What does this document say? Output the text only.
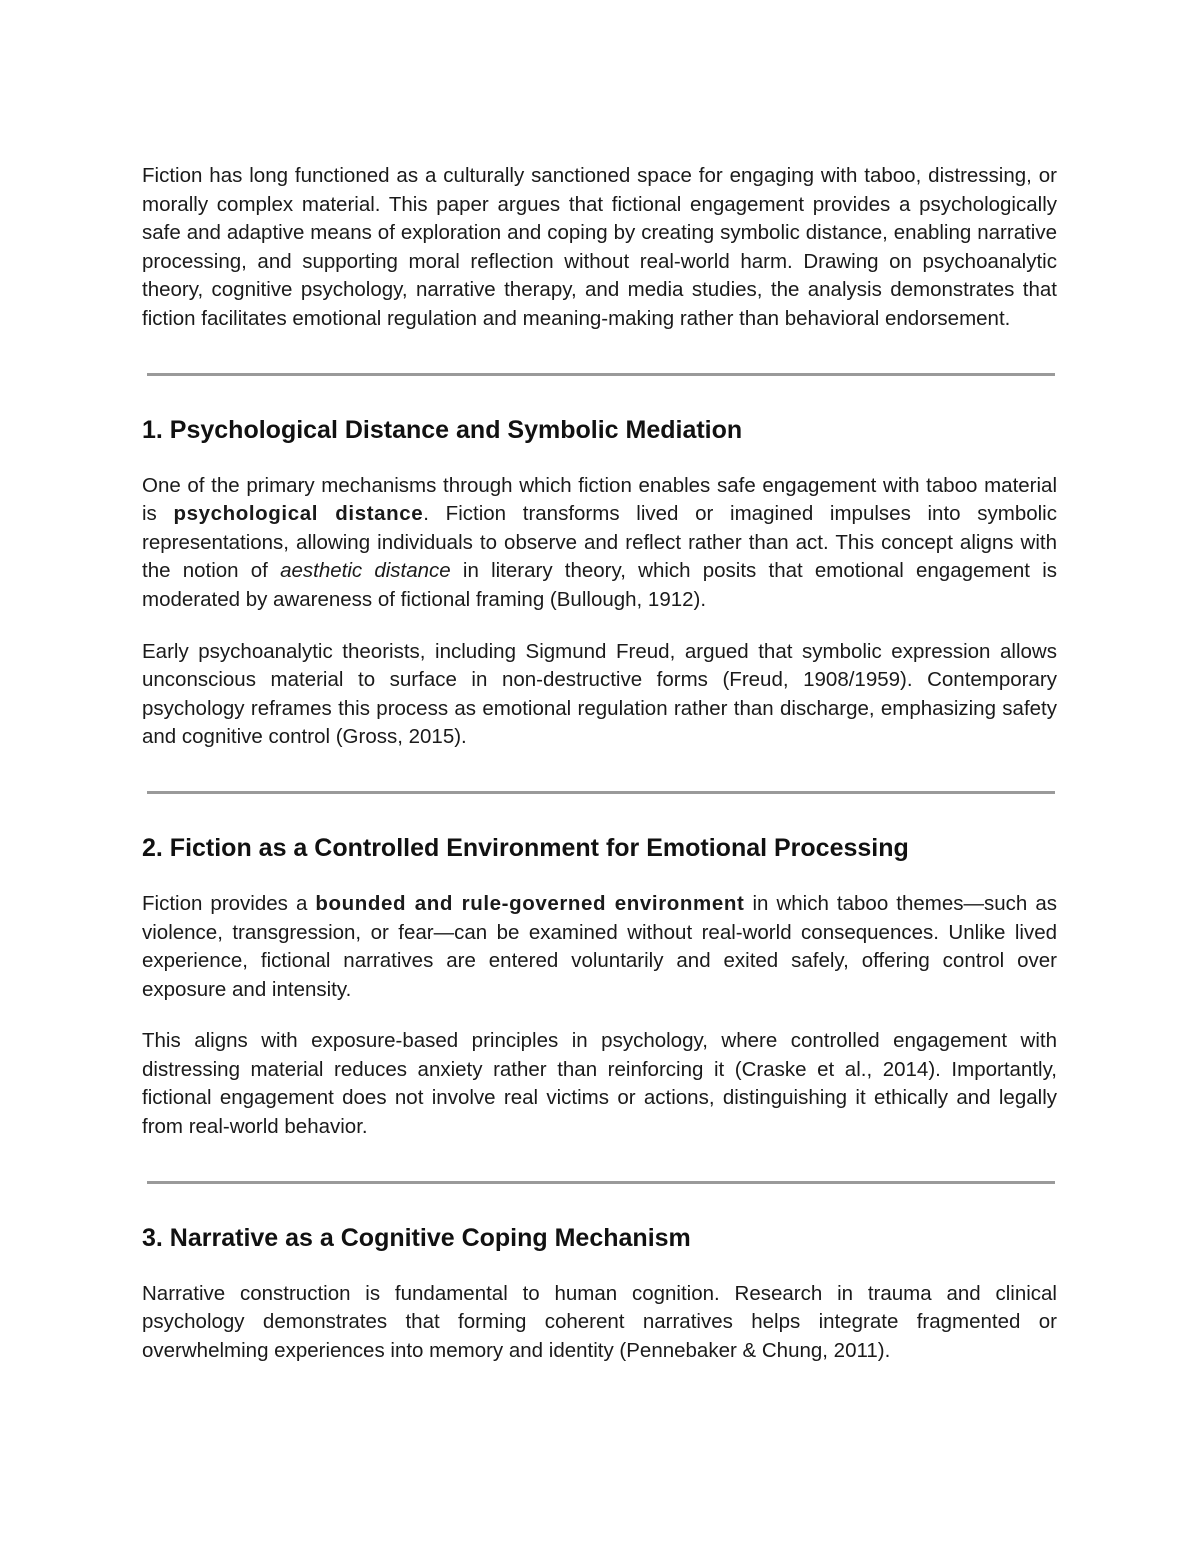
Fiction has long functioned as a culturally sanctioned space for engaging with taboo, distressing, or morally complex material. This paper argues that fictional engagement provides a psychologically safe and adaptive means of exploration and coping by creating symbolic distance, enabling narrative processing, and supporting moral reflection without real-world harm. Drawing on psychoanalytic theory, cognitive psychology, narrative therapy, and media studies, the analysis demonstrates that fiction facilitates emotional regulation and meaning-making rather than behavioral endorsement.

1. Psychological Distance and Symbolic Mediation

One of the primary mechanisms through which fiction enables safe engagement with taboo material is psychological distance. Fiction transforms lived or imagined impulses into symbolic representations, allowing individuals to observe and reflect rather than act. This concept aligns with the notion of aesthetic distance in literary theory, which posits that emotional engagement is moderated by awareness of fictional framing (Bullough, 1912).

Early psychoanalytic theorists, including Sigmund Freud, argued that symbolic expression allows unconscious material to surface in non-destructive forms (Freud, 1908/1959). Contemporary psychology reframes this process as emotional regulation rather than discharge, emphasizing safety and cognitive control (Gross, 2015).

2. Fiction as a Controlled Environment for Emotional Processing

Fiction provides a bounded and rule-governed environment in which taboo themes—such as violence, transgression, or fear—can be examined without real-world consequences. Unlike lived experience, fictional narratives are entered voluntarily and exited safely, offering control over exposure and intensity.

This aligns with exposure-based principles in psychology, where controlled engagement with distressing material reduces anxiety rather than reinforcing it (Craske et al., 2014). Importantly, fictional engagement does not involve real victims or actions, distinguishing it ethically and legally from real-world behavior.

3. Narrative as a Cognitive Coping Mechanism

Narrative construction is fundamental to human cognition. Research in trauma and clinical psychology demonstrates that forming coherent narratives helps integrate fragmented or overwhelming experiences into memory and identity (Pennebaker & Chung, 2011).
